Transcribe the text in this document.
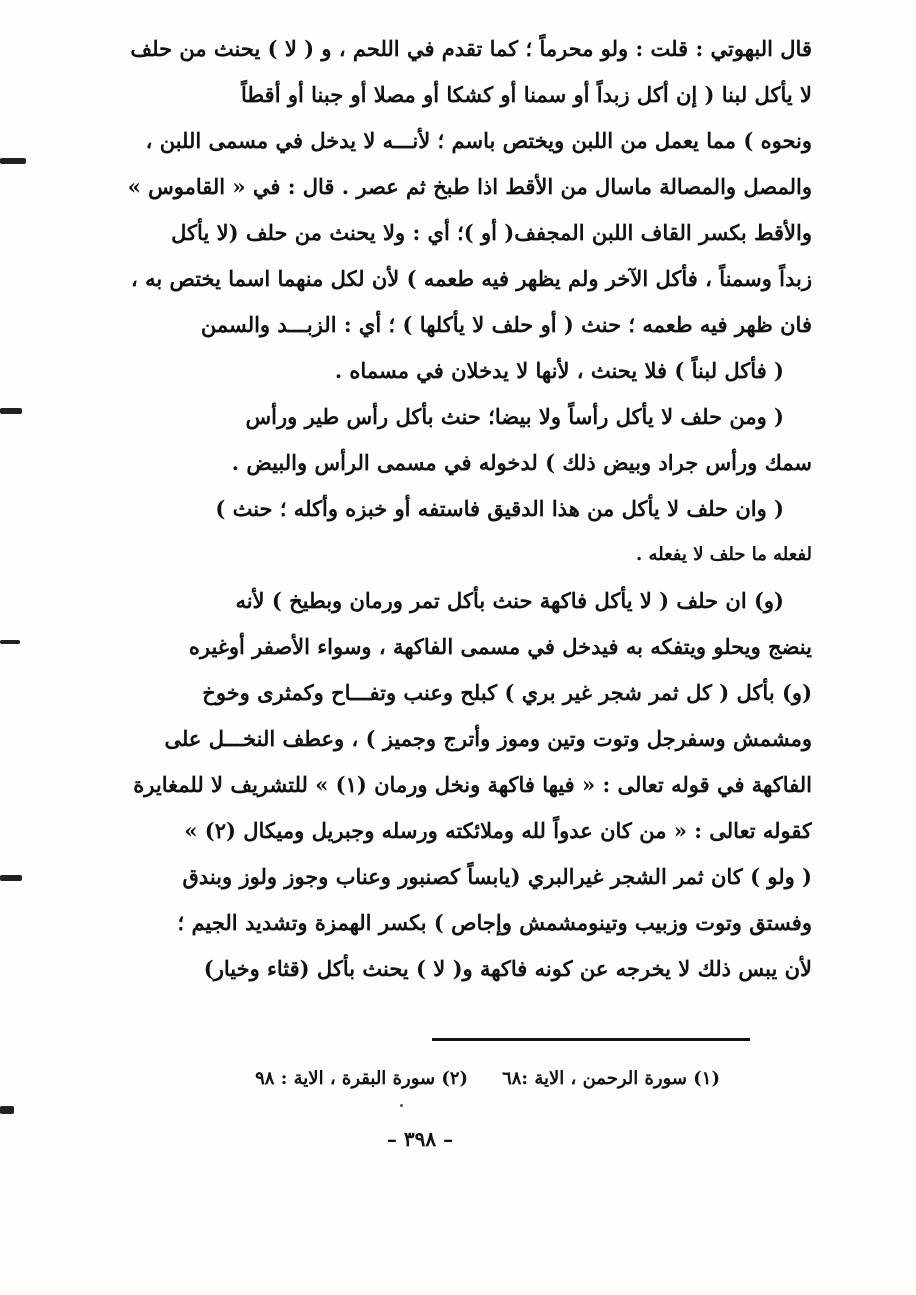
قال البهوتي : قلت : ولو محرماً ؛ كما تقدم في اللحم ، و ( لا ) يحنث من حلف
لا يأكل لبنا ( إن أكل زبداً أو سمنا أو كشكا أو مصلا أو جبنا أو أقطاً
ونحوه ) مما يعمل من اللبن ويختص باسم ؛ لأنـــه لا يدخل في مسمى اللبن ،
والمصل والمصالة ماسال من الأقط اذا طبخ ثم عصر . قال : في « القاموس »
والأقط بكسر القاف اللبن المجفف( أو )؛ أي : ولا يحنث من حلف (لا يأكل
زبداً وسمناً ، فأكل الآخر ولم يظهر فيه طعمه ) لأن لكل منهما اسما يختص به ،
فان ظهر فيه طعمه ؛ حنث ( أو حلف لا يأكلها ) ؛ أي : الزبـــد والسمن
( فأكل لبناً ) فلا يحنث ، لأنها لا يدخلان في مسماه .
( ومن حلف لا يأكل رأساً ولا بيضا؛ حنث بأكل رأس طير ورأس
سمك ورأس جراد وبيض ذلك ) لدخوله في مسمى الرأس والبيض .
( وان حلف لا يأكل من هذا الدقيق فاستفه أو خبزه وأكله ؛ حنث )
لفعله ما حلف لا يفعله .
(و) ان حلف ( لا يأكل فاكهة حنث بأكل تمر ورمان وبطيخ ) لأنه
ينضج ويحلو ويتفكه به فيدخل في مسمى الفاكهة ، وسواء الأصفر أوغيره
(و) بأكل ( كل ثمر شجر غير بري ) كبلح وعنب وتفـــاح وكمثرى وخوخ
ومشمش وسفرجل وتوت وتين وموز وأترج وجميز ) ، وعطف النخـــل على
الفاكهة في قوله تعالى : « فيها فاكهة ونخل ورمان (١) » للتشريف لا للمغايرة
كقوله تعالى : « من كان عدواً لله وملائكته ورسله وجبريل وميكال (٢) »
( ولو ) كان ثمر الشجر غيرالبري (يابساً كصنبور وعناب وجوز ولوز وبندق
وفستق وتوت وزبيب وتينومشمش وإجاص ) بكسر الهمزة وتشديد الجيم ؛
لأن يبس ذلك لا يخرجه عن كونه فاكهة و( لا ) يحنث بأكل (قثاء وخيار)
(١) سورة الرحمن ، الاية :٦٨
(٢) سورة البقرة ، الاية : ٩٨
– ٣٩٨ –
